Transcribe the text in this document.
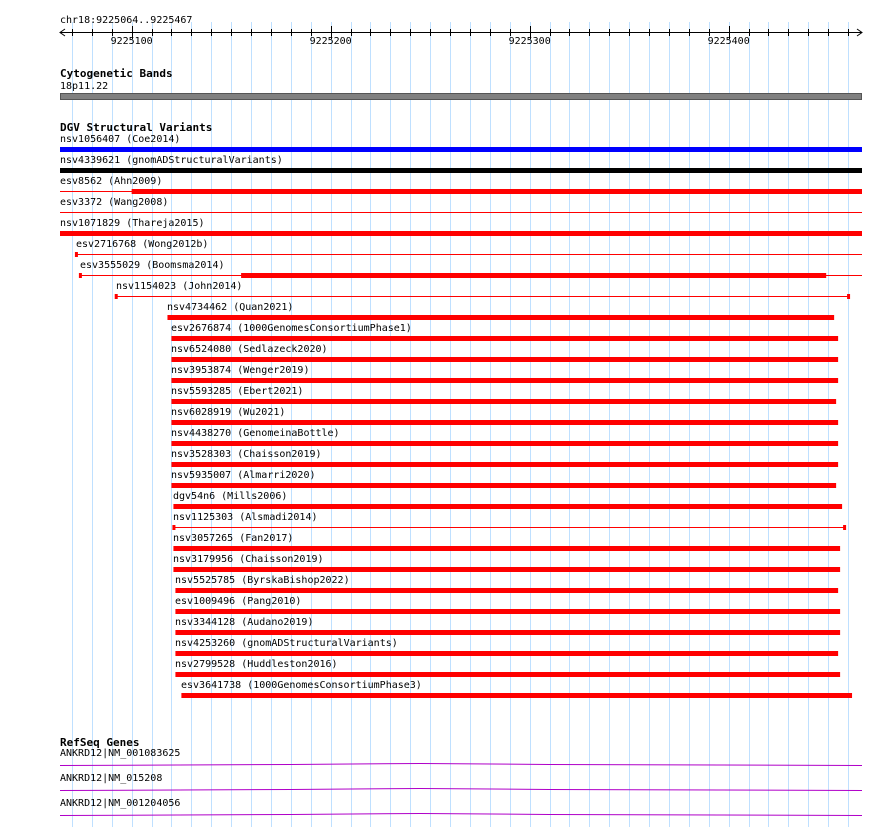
chr18:9225064..9225467
9225100	9225200	9225300	9225400
Cytogenetic Bands
18p11.22
DGV Structural Variants
nsv1056407 (Coe2014)
nsv4339621 (gnomADStructuralVariants)
esv8562 (Ahn2009)
esv3372 (Wang2008)
nsv1071829 (Thareja2015)
esv2716768 (Wong2012b)
esv3555029 (Boomsma2014)
nsv1154023 (John2014)
nsv4734462 (Quan2021)
esv2676874 (1000GenomesConsortiumPhase1)
nsv6524080 (Sedlazeck2020)
nsv3953874 (Wenger2019)
nsv5593285 (Ebert2021)
nsv6028919 (Wu2021)
nsv4438270 (GenomeinaBottle)
nsv3528303 (Chaisson2019)
nsv5935007 (Almarri2020)
dgv54n6 (Mills2006)
nsv1125303 (Alsmadi2014)
nsv3057265 (Fan2017)
nsv3179956 (Chaisson2019)
nsv5525785 (ByrskaBishop2022)
esv1009496 (Pang2010)
nsv3344128 (Audano2019)
nsv4253260 (gnomADStructuralVariants)
nsv2799528 (Huddleston2016)
esv3641738 (1000GenomesConsortiumPhase3)
RefSeq Genes
ANKRD12|NM_001083625
ANKRD12|NM_015208
ANKRD12|NM_001204056
